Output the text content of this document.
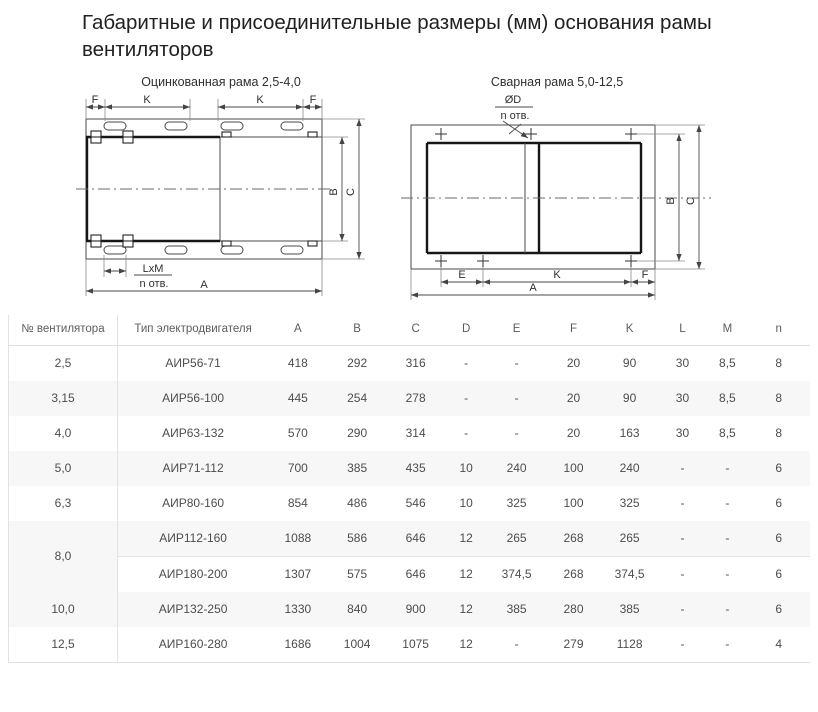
Габаритные и присоединительные размеры (мм) основания рамы вентиляторов
Оцинкованная рама 2,5-4,0
F	K	K	F
B C
LxM
n отв.	A
Сварная рама 5,0-12,5
ØD
n отв.
B C
E	K	F
A
№ вентилятора	Тип электродвигателя	A	B	C	D	E	F	K	L	M	n
2,5	АИР56-71	418	292	316	-	-	20	90	30	8,5	8
3,15	АИР56-100	445	254	278	-	-	20	90	30	8,5	8
4,0	АИР63-132	570	290	314	-	-	20	163	30	8,5	8
5,0	АИР71-112	700	385	435	10	240	100	240	-	-	6
6,3	АИР80-160	854	486	546	10	325	100	325	-	-	6
8,0	АИР112-160	1088	586	646	12	265	268	265	-	-	6
	АИР180-200	1307	575	646	12	374,5	268	374,5	-	-	6
10,0	АИР132-250	1330	840	900	12	385	280	385	-	-	6
12,5	АИР160-280	1686	1004	1075	12	-	279	1128	-	-	4
